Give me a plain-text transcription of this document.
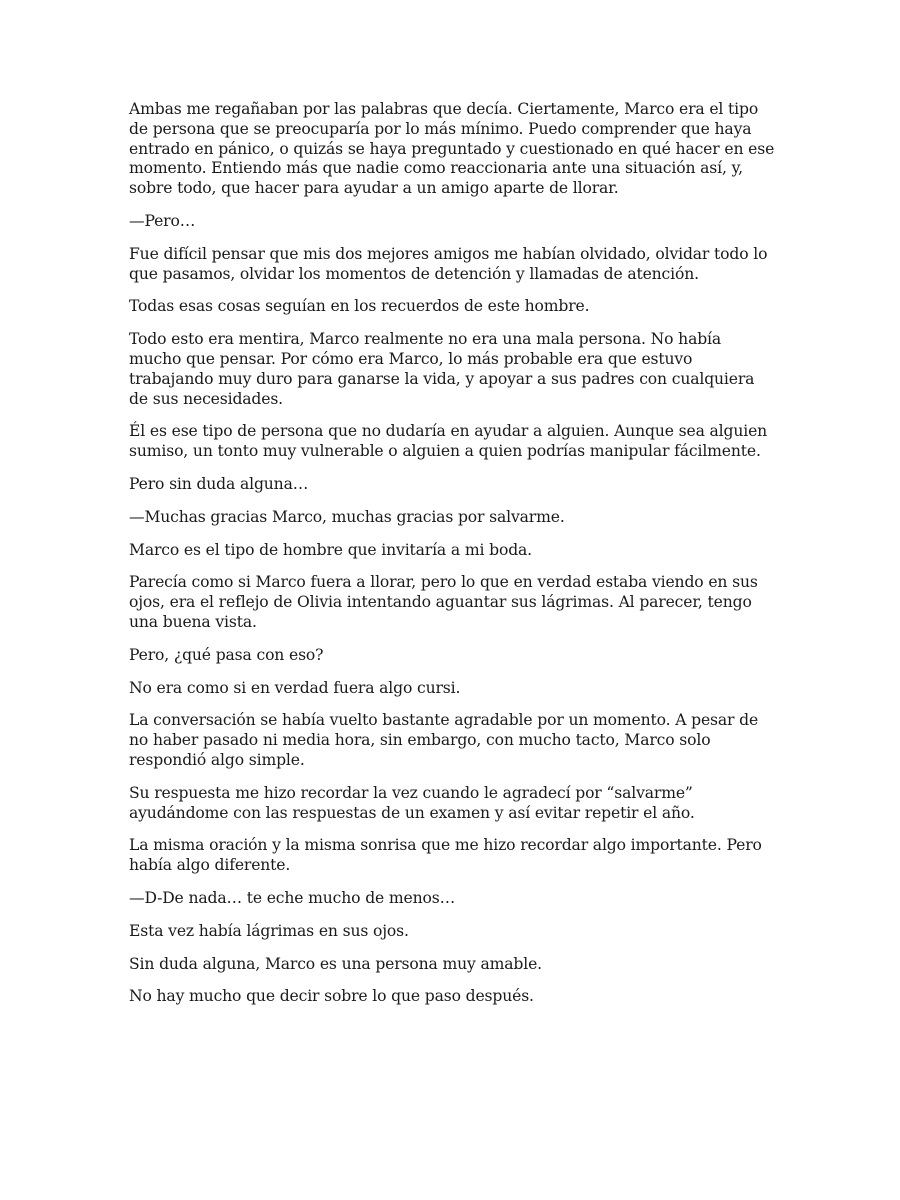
Ambas me regañaban por las palabras que decía. Ciertamente, Marco era el tipo de persona que se preocuparía por lo más mínimo. Puedo comprender que haya entrado en pánico, o quizás se haya preguntado y cuestionado en qué hacer en ese momento. Entiendo más que nadie como reaccionaria ante una situación así, y, sobre todo, que hacer para ayudar a un amigo aparte de llorar.

—Pero…

Fue difícil pensar que mis dos mejores amigos me habían olvidado, olvidar todo lo que pasamos, olvidar los momentos de detención y llamadas de atención.

Todas esas cosas seguían en los recuerdos de este hombre.

Todo esto era mentira, Marco realmente no era una mala persona. No había mucho que pensar. Por cómo era Marco, lo más probable era que estuvo trabajando muy duro para ganarse la vida, y apoyar a sus padres con cualquiera de sus necesidades.

Él es ese tipo de persona que no dudaría en ayudar a alguien. Aunque sea alguien sumiso, un tonto muy vulnerable o alguien a quien podrías manipular fácilmente.

Pero sin duda alguna…

—Muchas gracias Marco, muchas gracias por salvarme.

Marco es el tipo de hombre que invitaría a mi boda.

Parecía como si Marco fuera a llorar, pero lo que en verdad estaba viendo en sus ojos, era el reflejo de Olivia intentando aguantar sus lágrimas. Al parecer, tengo una buena vista.

Pero, ¿qué pasa con eso?

No era como si en verdad fuera algo cursi.

La conversación se había vuelto bastante agradable por un momento. A pesar de no haber pasado ni media hora, sin embargo, con mucho tacto, Marco solo respondió algo simple.

Su respuesta me hizo recordar la vez cuando le agradecí por “salvarme” ayudándome con las respuestas de un examen y así evitar repetir el año.

La misma oración y la misma sonrisa que me hizo recordar algo importante. Pero había algo diferente.

—D-De nada… te eche mucho de menos…

Esta vez había lágrimas en sus ojos.

Sin duda alguna, Marco es una persona muy amable.

No hay mucho que decir sobre lo que paso después.
